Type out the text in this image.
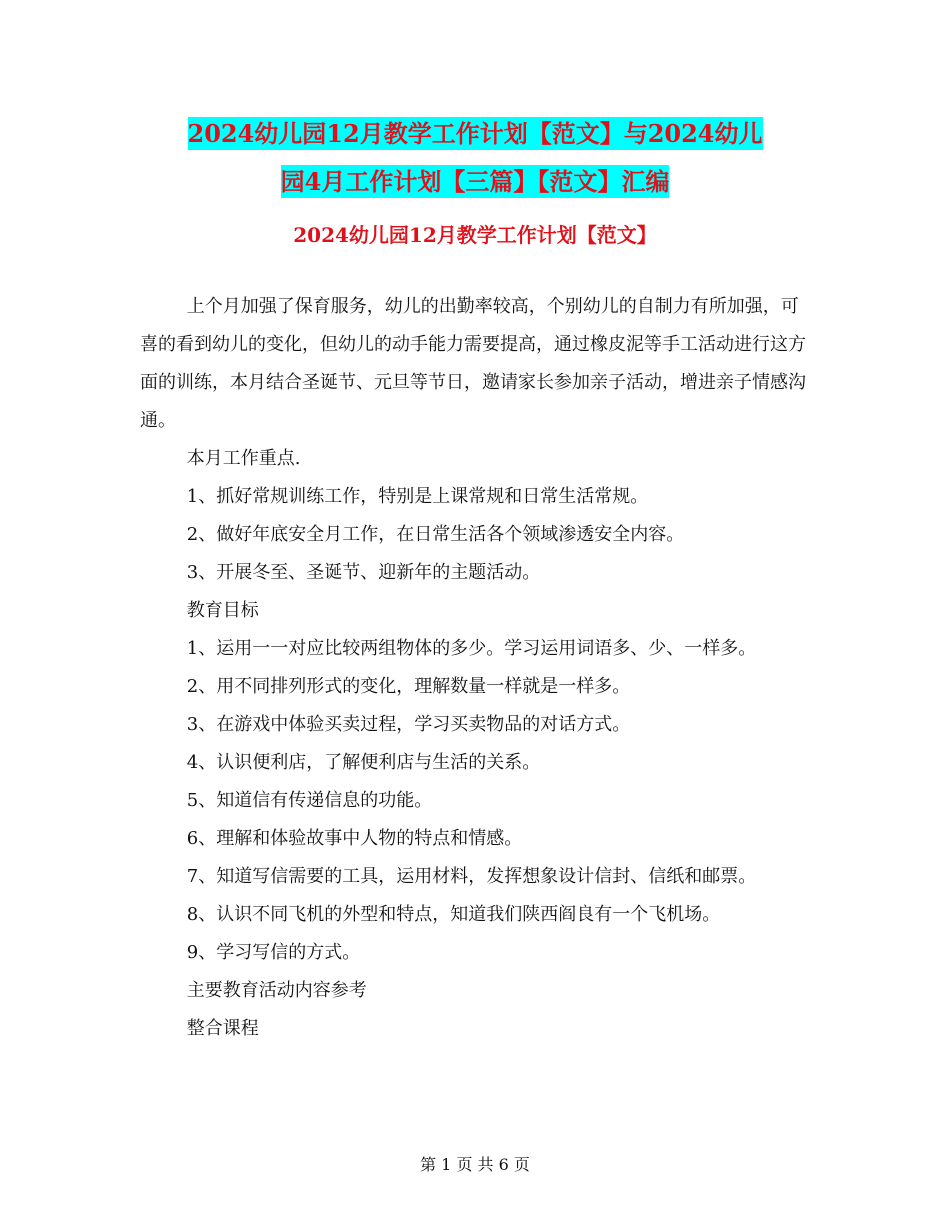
2024幼儿园12月教学工作计划【范文】与2024幼儿
园4月工作计划【三篇】【范文】汇编
2024幼儿园12月教学工作计划【范文】

上个月加强了保育服务，幼儿的出勤率较高，个别幼儿的自制力有所加强，可喜的看到幼儿的变化，但幼儿的动手能力需要提高，通过橡皮泥等手工活动进行这方面的训练，本月结合圣诞节、元旦等节日，邀请家长参加亲子活动，增进亲子情感沟通。

本月工作重点.

1、抓好常规训练工作，特别是上课常规和日常生活常规。

2、做好年底安全月工作，在日常生活各个领域渗透安全内容。

3、开展冬至、圣诞节、迎新年的主题活动。

教育目标

1、运用一一对应比较两组物体的多少。学习运用词语多、少、一样多。

2、用不同排列形式的变化，理解数量一样就是一样多。

3、在游戏中体验买卖过程，学习买卖物品的对话方式。

4、认识便利店，了解便利店与生活的关系。

5、知道信有传递信息的功能。

6、理解和体验故事中人物的特点和情感。

7、知道写信需要的工具，运用材料，发挥想象设计信封、信纸和邮票。

8、认识不同飞机的外型和特点，知道我们陕西阎良有一个飞机场。

9、学习写信的方式。

主要教育活动内容参考

整合课程

第 1 页 共 6 页
